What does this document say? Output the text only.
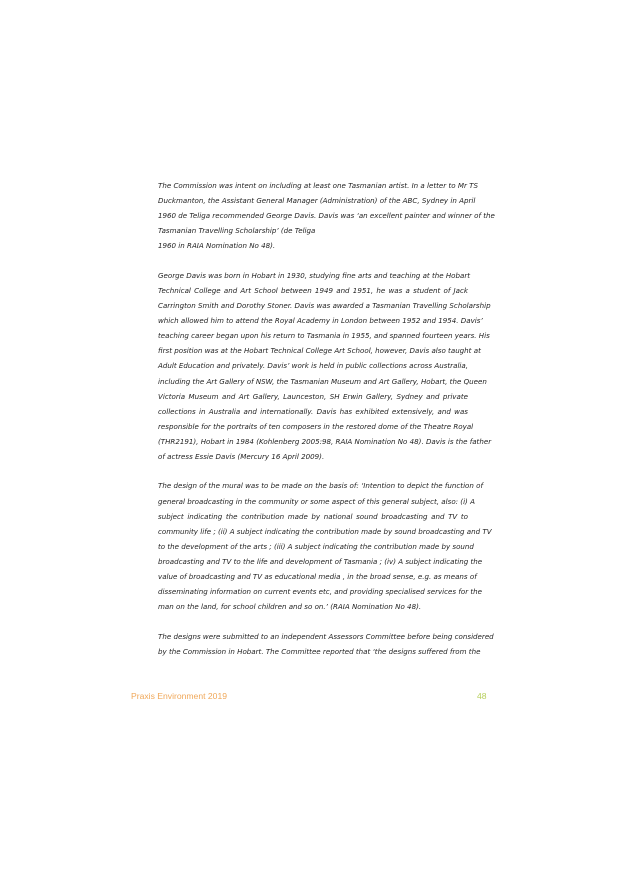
The Commission was intent on including at least one Tasmanian artist. In a letter to Mr TS
Duckmanton, the Assistant General Manager (Administration) of the ABC, Sydney in April
1960 de Teliga recommended George Davis. Davis was ‘an excellent painter and winner of the
Tasmanian Travelling Scholarship’ (de Teliga
1960 in RAIA Nomination No 48).
George Davis was born in Hobart in 1930, studying fine arts and teaching at the Hobart
Technical College and Art School between 1949 and 1951, he was a student of Jack
Carrington Smith and Dorothy Stoner. Davis was awarded a Tasmanian Travelling Scholarship
which allowed him to attend the Royal Academy in London between 1952 and 1954. Davis’
teaching career began upon his return to Tasmania in 1955, and spanned fourteen years. His
first position was at the Hobart Technical College Art School, however, Davis also taught at
Adult Education and privately. Davis’ work is held in public collections across Australia,
including the Art Gallery of NSW, the Tasmanian Museum and Art Gallery, Hobart, the Queen
Victoria Museum and Art Gallery, Launceston, SH Erwin Gallery, Sydney and private
collections in Australia and internationally. Davis has exhibited extensively, and was
responsible for the portraits of ten composers in the restored dome of the Theatre Royal
(THR2191), Hobart in 1984 (Kohlenberg 2005:98, RAIA Nomination No 48). Davis is the father
of actress Essie Davis (Mercury 16 April 2009).
The design of the mural was to be made on the basis of: ‘Intention to depict the function of
general broadcasting in the community or some aspect of this general subject, also: (i) A
subject indicating the contribution made by national sound broadcasting and TV to
community life ; (ii) A subject indicating the contribution made by sound broadcasting and TV
to the development of the arts ; (iii) A subject indicating the contribution made by sound
broadcasting and TV to the life and development of Tasmania ; (iv) A subject indicating the
value of broadcasting and TV as educational media , in the broad sense, e.g. as means of
disseminating information on current events etc, and providing specialised services for the
man on the land, for school children and so on.’ (RAIA Nomination No 48).
The designs were submitted to an independent Assessors Committee before being considered
by the Commission in Hobart. The Committee reported that ‘the designs suffered from the
Praxis Environment 2019	48
